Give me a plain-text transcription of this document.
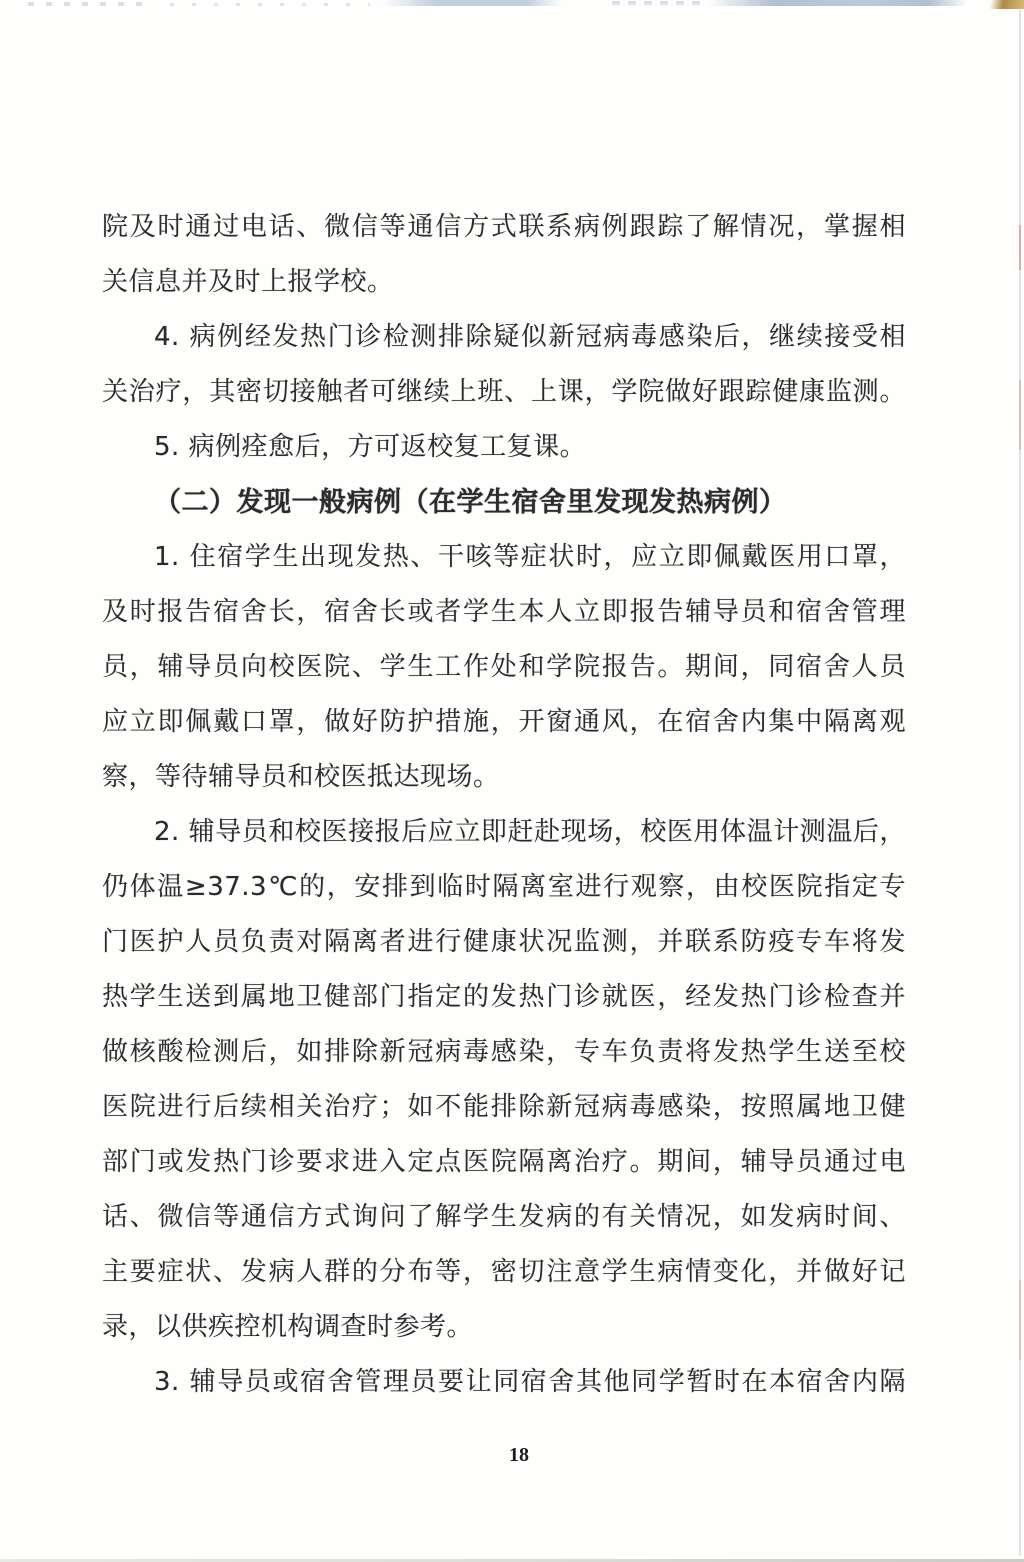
院及时通过电话、微信等通信方式联系病例跟踪了解情况，掌握相
关信息并及时上报学校。
4. 病例经发热门诊检测排除疑似新冠病毒感染后，继续接受相
关治疗，其密切接触者可继续上班、上课，学院做好跟踪健康监测。
5. 病例痊愈后，方可返校复工复课。
（二）发现一般病例（在学生宿舍里发现发热病例）
1. 住宿学生出现发热、干咳等症状时，应立即佩戴医用口罩，
及时报告宿舍长，宿舍长或者学生本人立即报告辅导员和宿舍管理
员，辅导员向校医院、学生工作处和学院报告。期间，同宿舍人员
应立即佩戴口罩，做好防护措施，开窗通风，在宿舍内集中隔离观
察，等待辅导员和校医抵达现场。
2. 辅导员和校医接报后应立即赶赴现场，校医用体温计测温后，
仍体温≥37.3℃的，安排到临时隔离室进行观察，由校医院指定专
门医护人员负责对隔离者进行健康状况监测，并联系防疫专车将发
热学生送到属地卫健部门指定的发热门诊就医，经发热门诊检查并
做核酸检测后，如排除新冠病毒感染，专车负责将发热学生送至校
医院进行后续相关治疗；如不能排除新冠病毒感染，按照属地卫健
部门或发热门诊要求进入定点医院隔离治疗。期间，辅导员通过电
话、微信等通信方式询问了解学生发病的有关情况，如发病时间、
主要症状、发病人群的分布等，密切注意学生病情变化，并做好记
录，以供疾控机构调查时参考。
3. 辅导员或宿舍管理员要让同宿舍其他同学暂时在本宿舍内隔
18
